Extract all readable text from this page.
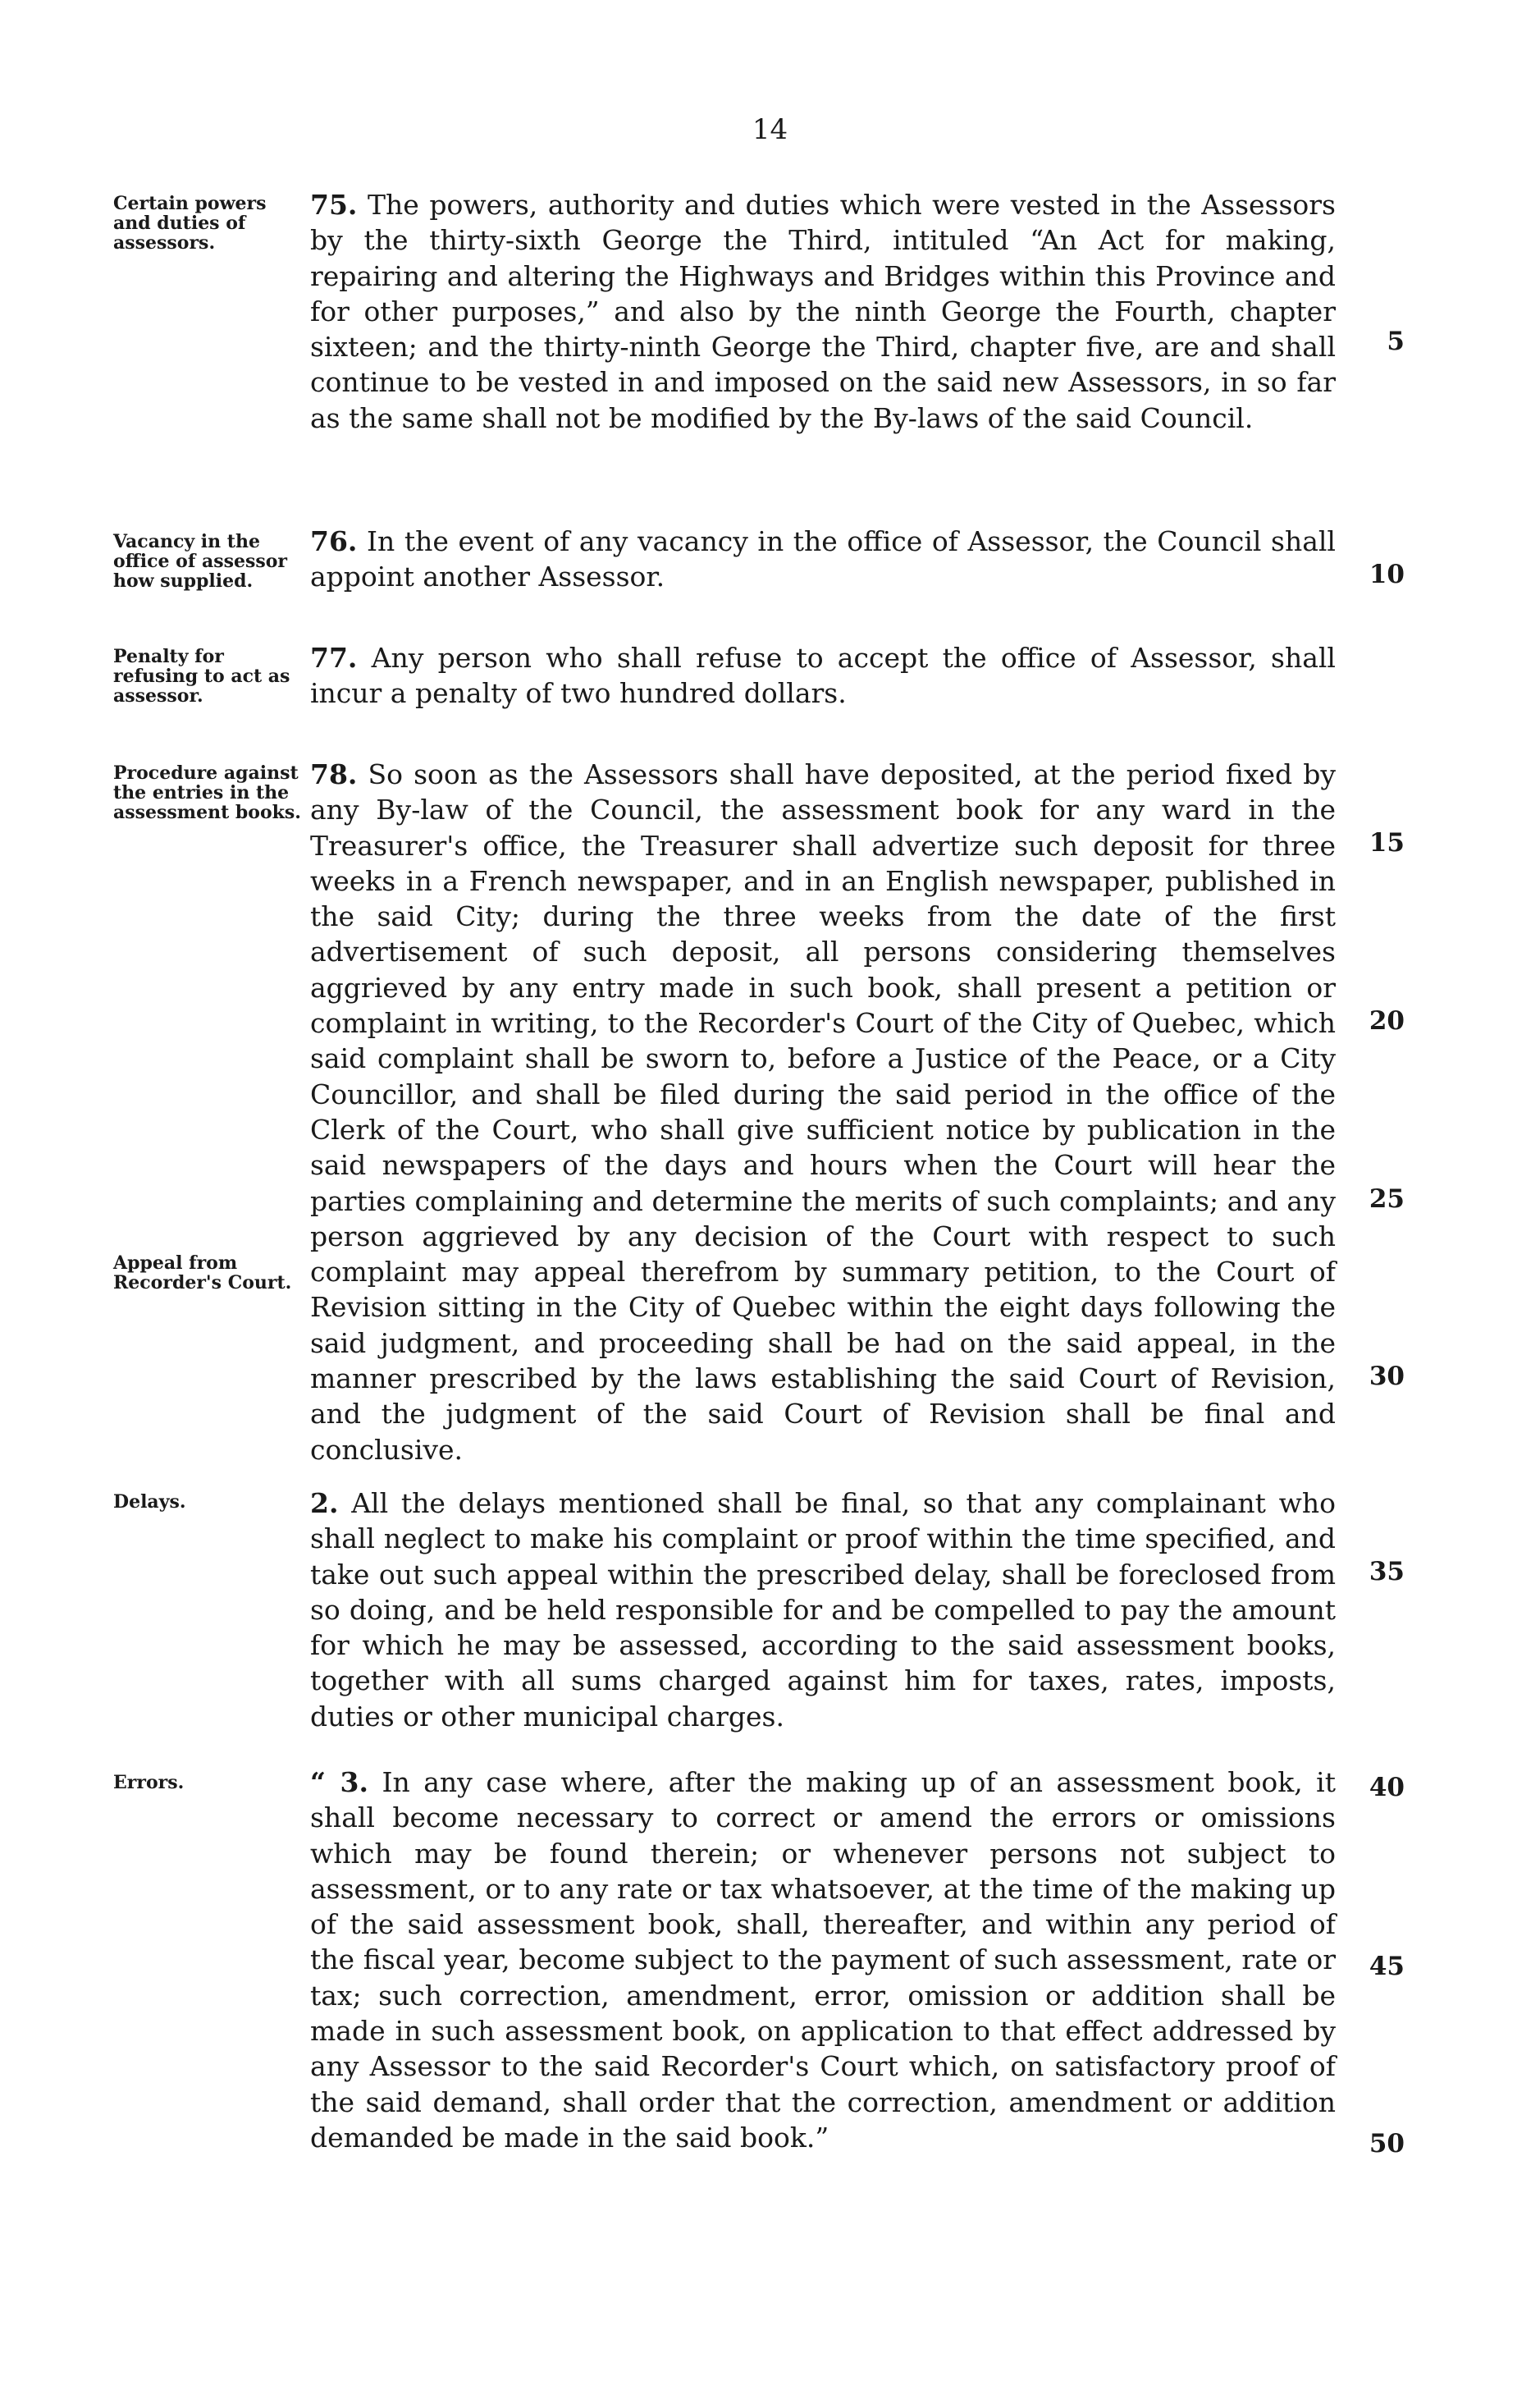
14
Certain powers and duties of assessors.
75. The powers, authority and duties which were vested in the Assessors by the thirty-sixth George the Third, intituled “An Act for making, repairing and altering the Highways and Bridges within this Province and for other purposes,” and also by the ninth George the Fourth, chapter sixteen; and the thirty-ninth George the Third, chapter five, are and shall continue to be vested in and imposed on the said new Assessors, in so far as the same shall not be modified by the By-laws of the said Council.
Vacancy in the office of assessor how supplied.
76. In the event of any vacancy in the office of Assessor, the Council shall appoint another Assessor.
Penalty for refusing to act as assessor.
77. Any person who shall refuse to accept the office of Assessor, shall incur a penalty of two hundred dollars.
Procedure against the entries in the assessment books.
Appeal from Recorder's Court.
78. So soon as the Assessors shall have deposited, at the period fixed by any By-law of the Council, the assessment book for any ward in the Treasurer's office, the Treasurer shall advertize such deposit for three weeks in a French newspaper, and in an English newspaper, published in the said City; during the three weeks from the date of the first advertisement of such deposit, all persons considering themselves aggrieved by any entry made in such book, shall present a petition or complaint in writing, to the Recorder's Court of the City of Quebec, which said complaint shall be sworn to, before a Justice of the Peace, or a City Councillor, and shall be filed during the said period in the office of the Clerk of the Court, who shall give sufficient notice by publication in the said newspapers of the days and hours when the Court will hear the parties complaining and determine the merits of such complaints; and any person aggrieved by any decision of the Court with respect to such complaint may appeal therefrom by summary petition, to the Court of Revision sitting in the City of Quebec within the eight days following the said judgment, and proceeding shall be had on the said appeal, in the manner prescribed by the laws establishing the said Court of Revision, and the judgment of the said Court of Revision shall be final and conclusive.
Delays.	2. All the delays mentioned shall be final, so that any complainant who shall neglect to make his complaint or proof within the time specified, and take out such appeal within the prescribed delay, shall be foreclosed from so doing, and be held responsible for and be compelled to pay the amount for which he may be assessed, according to the said assessment books, together with all sums charged against him for taxes, rates, imposts, duties or other municipal charges.
Errors.	“ 3. In any case where, after the making up of an assessment book, it shall become necessary to correct or amend the errors or omissions which may be found therein; or whenever persons not subject to assessment, or to any rate or tax whatsoever, at the time of the making up of the said assessment book, shall, thereafter, and within any period of the fiscal year, become subject to the payment of such assessment, rate or tax; such correction, amendment, error, omission or addition shall be made in such assessment book, on application to that effect addressed by any Assessor to the said Recorder's Court which, on satisfactory proof of the said demand, shall order that the correction, amendment or addition demanded be made in the said book.”
5
10
15
20
25
30
35
40
45
50
